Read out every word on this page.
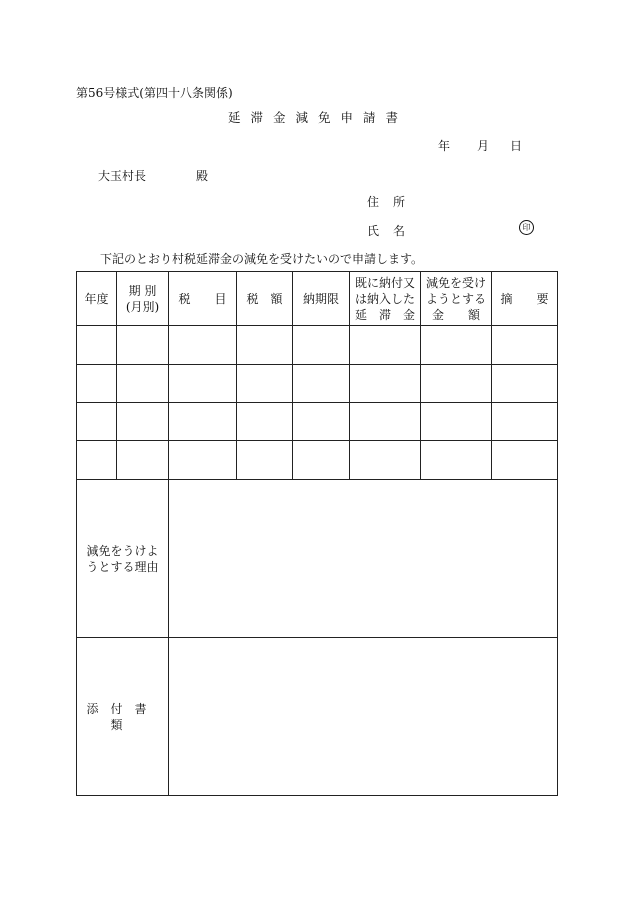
第56号様式(第四十八条関係)
延滞金減免申請書
年 月 日
大玉村長	殿
住所
氏名	印
下記のとおり村税延滞金の減免を受けたいので申請します。
年度
期 別
(月別)
税　　目 税　額 納期限
既に納付又
は納入した
延　滞　金
減免を受け
ようとする
金　　額
摘　　要
減免をうけよ
うとする理由
添付書類
